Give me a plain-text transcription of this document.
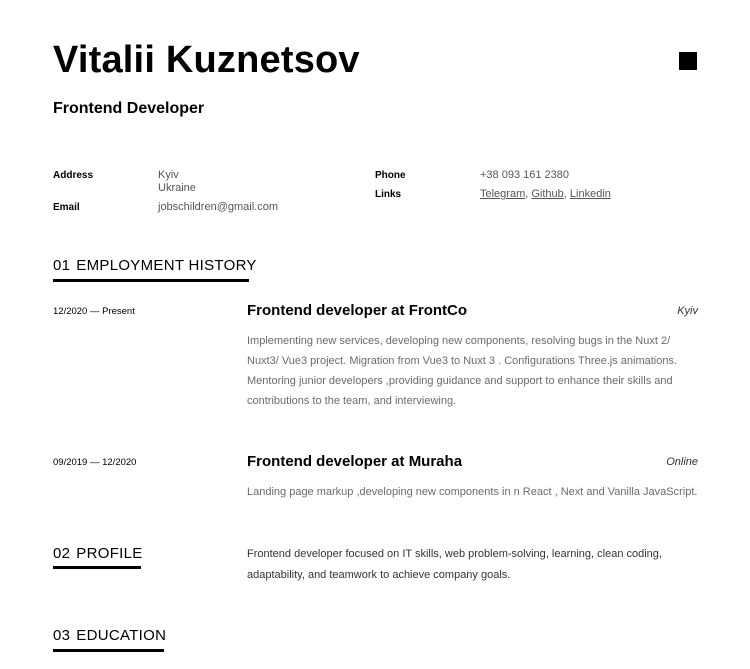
Vitalii Kuznetsov
Frontend Developer
Address	Kyiv
Ukraine
Email	jobschildren@gmail.com
Phone	+38 093 161 2380
Links	Telegram, Github, Linkedin
01 EMPLOYMENT HISTORY
12/2020 — Present	Frontend developer at FrontCo	Kyiv
Implementing new services, developing new components, resolving bugs in the Nuxt 2/ Nuxt3/ Vue3 project. Migration from Vue3 to Nuxt 3 . Configurations Three.js animations. Mentoring junior developers ,providing guidance and support to enhance their skills and contributions to the team, and interviewing.
09/2019 — 12/2020	Frontend developer at Muraha	Online
Landing page markup ,developing new components in n React , Next and Vanilla JavaScript.
02 PROFILE	Frontend developer focused on IT skills, web problem-solving, learning, clean coding, adaptability, and teamwork to achieve company goals.
03 EDUCATION
